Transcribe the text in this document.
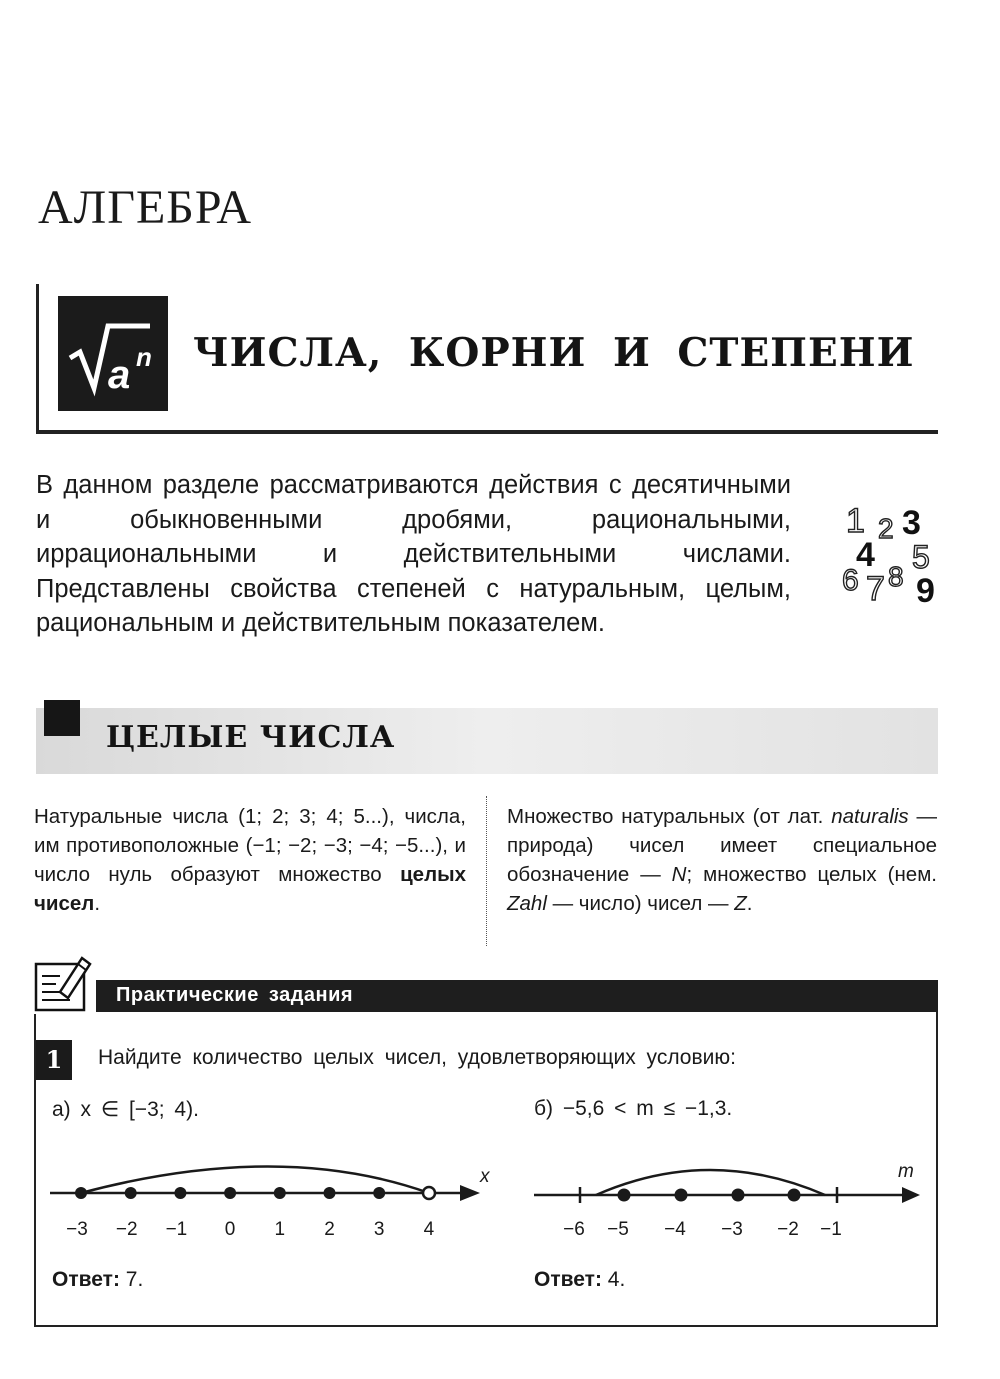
АЛГЕБРА
a n ЧИСЛА, КОРНИ И СТЕПЕНИ
В данном разделе рассматриваются действия с десятичными и обыкновенными дробями, рациональными, иррациональными и действительными числами. Представлены свойства степеней с натуральным, целым, рациональным и действительным показателем.
1 2 3
4 5
6 7 8 9
ЦЕЛЫЕ ЧИСЛА
Натуральные числа (1; 2; 3; 4; 5...), числа, им противоположные (−1; −2; −3; −4; −5...), и число нуль образуют множество целых чисел.
Множество натуральных (от лат. naturalis — природа) чисел имеет специальное обозначение — N; множество целых (нем. Zahl — число) чисел — Z.
Практические задания
1	Найдите количество целых чисел, удовлетворяющих условию:
а) x ∈ [−3; 4).	б) −5,6 < m ≤ −1,3.
−3 −2 −1 0 1 2 3 4
x
−6 −5 −4 −3 −2 −1
m
Ответ: 7.	Ответ: 4.
